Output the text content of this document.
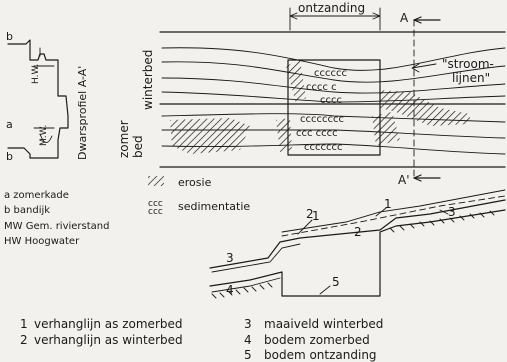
b
H.W.
a
M.W.
b	Dwarsprofiel A-A'
a zomerkade
b bandijk
MW Gem. rivierstand
HW Hoogwater
cccccc
cccc c
cccc
cccccccc
ccc cccc
ccccccc
ontzanding
A
A'
"stroom-
lijnen"
winterbed
zomer bed
erosie
ccc
ccc sedimentatie
1
2
1
2
3
3
4
5
1 verhanglijn as zomerbed
2 verhanglijn as winterbed
3 maaiveld winterbed
4 bodem zomerbed
5 bodem ontzanding
